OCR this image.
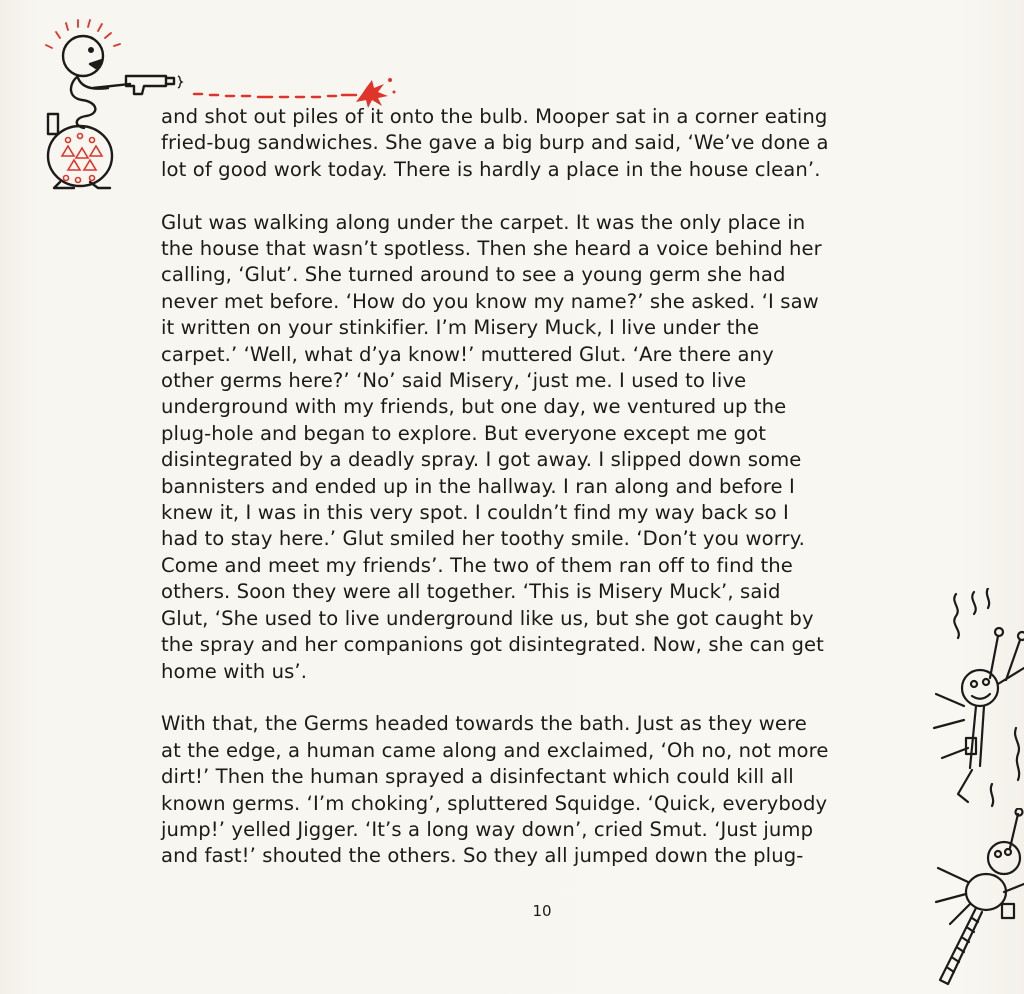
and shot out piles of it onto the bulb. Mooper sat in a corner eating
fried-bug sandwiches. She gave a big burp and said, ‘We’ve done a
lot of good work today. There is hardly a place in the house clean’.
Glut was walking along under the carpet. It was the only place in
the house that wasn’t spotless. Then she heard a voice behind her
calling, ‘Glut’. She turned around to see a young germ she had
never met before. ‘How do you know my name?’ she asked. ‘I saw
it written on your stinkifier. I’m Misery Muck, I live under the
carpet.’ ‘Well, what d’ya know!’ muttered Glut. ‘Are there any
other germs here?’ ‘No’ said Misery, ‘just me. I used to live
underground with my friends, but one day, we ventured up the
plug-hole and began to explore. But everyone except me got
disintegrated by a deadly spray. I got away. I slipped down some
bannisters and ended up in the hallway. I ran along and before I
knew it, I was in this very spot. I couldn’t find my way back so I
had to stay here.’ Glut smiled her toothy smile. ‘Don’t you worry.
Come and meet my friends’. The two of them ran off to find the
others. Soon they were all together. ‘This is Misery Muck’, said
Glut, ‘She used to live underground like us, but she got caught by
the spray and her companions got disintegrated. Now, she can get
home with us’.
With that, the Germs headed towards the bath. Just as they were
at the edge, a human came along and exclaimed, ‘Oh no, not more
dirt!’ Then the human sprayed a disinfectant which could kill all
known germs. ‘I’m choking’, spluttered Squidge. ‘Quick, everybody
jump!’ yelled Jigger. ‘It’s a long way down’, cried Smut. ‘Just jump
and fast!’ shouted the others. So they all jumped down the plug-
10
